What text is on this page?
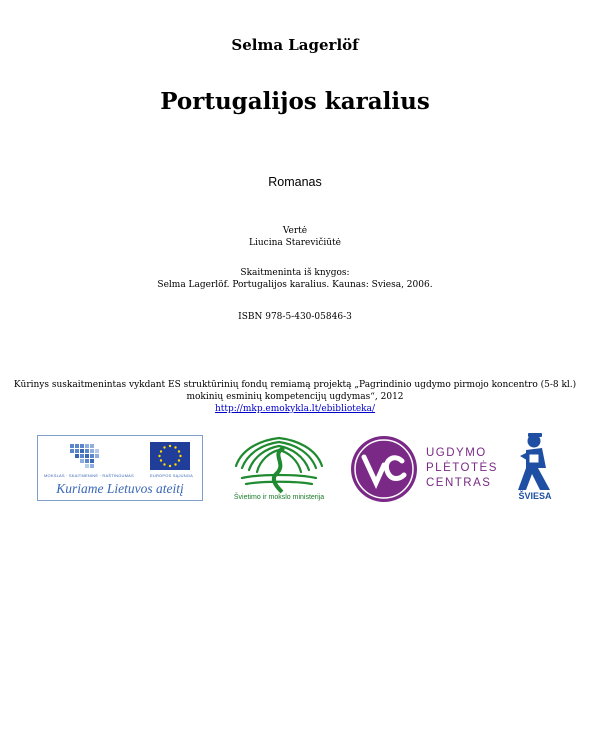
Selma Lagerlöf
Portugalijos karalius
Romanas
Vertė
Liucina Starevičiūtė
Skaitmeninta iš knygos:
Selma Lagerlöf. Portugalijos karalius. Kaunas: Sviesa, 2006.
ISBN 978-5-430-05846-3
Kūrinys suskaitmenintas vykdant ES struktūrinių fondų remiamą projektą „Pagrindinio ugdymo pirmojo koncentro (5-8 kl.)
mokinių esminių kompetencijų ugdymas“, 2012
http://mkp.emokykla.lt/ebiblioteka/
MOKSLAS · SKAITMENINĖ · RAŠTINGUMAS	EUROPOS SĄJUNGA
Kuriame Lietuvos ateitį
Švietimo ir mokslo ministerija
UGDYMO
PLĖTOTĖS
CENTRAS
ŠVIESA
